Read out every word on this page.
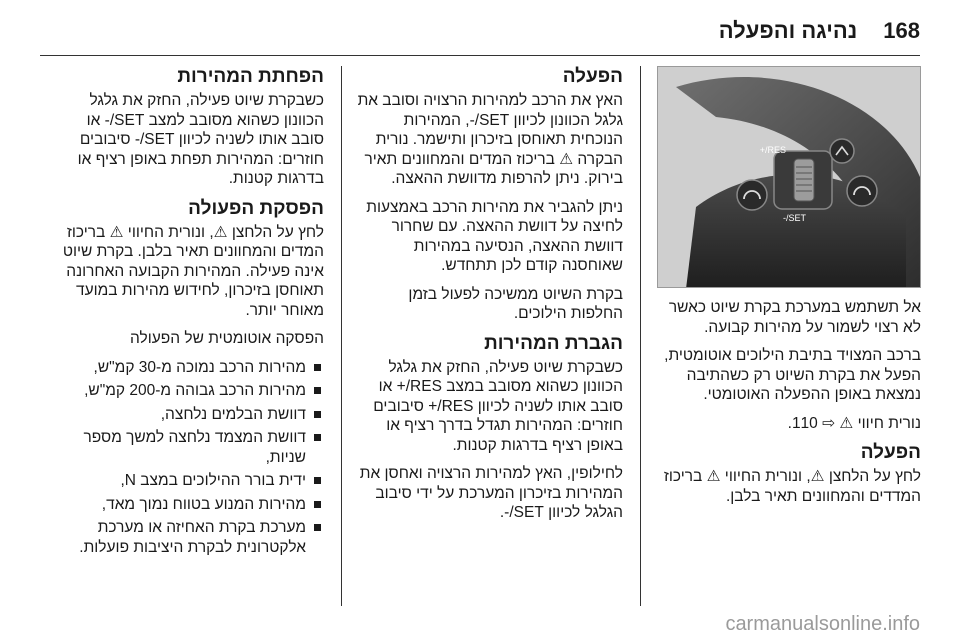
168
נהיגה והפעלה
RES/+
SET/-

אל תשתמש במערכת בקרת שיוט כאשר לא רצוי לשמור על מהירות קבועה.

ברכב המצויד בתיבת הילוכים אוטומטית, הפעל את בקרת השיוט רק כשהתיבה נמצאת באופן ההפעלה האוטומטי.

נורית חיווי ⚠ ⇨ 110.

הפעלה

לחץ על הלחצן ⚠, ונורית החיווי ⚠ בריכוז המדדים והמחוונים תאיר בלבן.

הפעלה

האץ את הרכב למהירות הרצויה וסובב את גלגל הכוונון לכיוון SET/-, המהירות הנוכחית תאוחסן בזיכרון ותישמר. נורית הבקרה ⚠ בריכוז המדים והמחוונים תאיר בירוק. ניתן להרפות מדוושת ההאצה.

ניתן להגביר את מהירות הרכב באמצעות לחיצה על דוושת ההאצה. עם שחרור דוושת ההאצה, הנסיעה במהירות שאוחסנה קודם לכן תתחדש.

בקרת השיוט ממשיכה לפעול בזמן החלפות הילוכים.

הגברת המהירות

כשבקרת שיוט פעילה, החזק את גלגל הכוונון כשהוא מסובב במצב RES/+ או סובב אותו לשניה לכיוון RES/+ סיבובים חוזרים: המהירות תגדל בדרך רציף או באופן רציף בדרגות קטנות.

לחילופין, האץ למהירות הרצויה ואחסן את המהירות בזיכרון המערכת על ידי סיבוב הגלגל לכיוון SET/-.

הפחתת המהירות

כשבקרת שיוט פעילה, החזק את גלגל הכוונון כשהוא מסובב למצב SET/- או סובב אותו לשניה לכיוון SET/- סיבובים חוזרים: המהירות תפחת באופן רציף או בדרגות קטנות.

הפסקת הפעולה

לחץ על הלחצן ⚠, ונורית החיווי ⚠ בריכוז המדים והמחוונים תאיר בלבן. בקרת שיוט אינה פעילה. המהירות הקבועה האחרונה תאוחסן בזיכרון, לחידוש מהירות במועד מאוחר יותר.

הפסקה אוטומטית של הפעולה

מהירות הרכב נמוכה מ-30 קמ"ש,
מהירות הרכב גבוהה מ-200 קמ"ש,
דוושת הבלמים נלחצה,
דוושת המצמד נלחצה למשך מספר שניות,
ידית בורר ההילוכים במצב N,
מהירות המנוע בטווח נמוך מאד,
מערכת בקרת האחיזה או מערכת אלקטרונית לבקרת היציבות פועלות.
carmanualsonline.info
